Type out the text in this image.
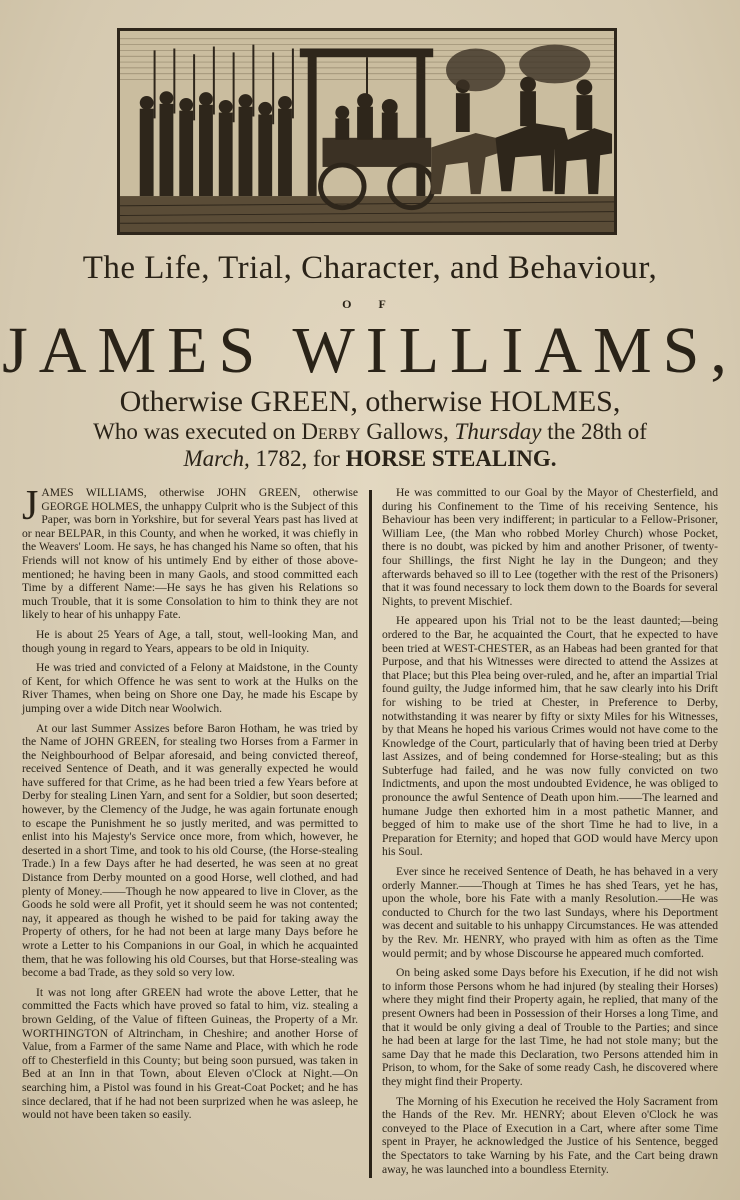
The Life, Trial, Character, and Behaviour,
O F
JAMES WILLIAMS,
Otherwise GREEN, otherwise HOLMES,
Who was executed on Derby Gallows, Thursday the 28th of
March, 1782, for HORSE STEALING.

JAMES WILLIAMS, otherwise JOHN GREEN, otherwise GEORGE HOLMES, the unhappy Culprit who is the Subject of this Paper, was born in Yorkshire, but for several Years past has lived at or near BELPAR, in this County, and when he worked, it was chiefly in the Weavers' Loom. He says, he has changed his Name so often, that his Friends will not know of his untimely End by either of those above-mentioned; he having been in many Gaols, and stood committed each Time by a different Name:—He says he has given his Relations so much Trouble, that it is some Consolation to him to think they are not likely to hear of his unhappy Fate.

He is about 25 Years of Age, a tall, stout, well-looking Man, and though young in regard to Years, appears to be old in Iniquity.

He was tried and convicted of a Felony at Maidstone, in the County of Kent, for which Offence he was sent to work at the Hulks on the River Thames, when being on Shore one Day, he made his Escape by jumping over a wide Ditch near Woolwich.

At our last Summer Assizes before Baron Hotham, he was tried by the Name of JOHN GREEN, for stealing two Horses from a Farmer in the Neighbourhood of Belpar aforesaid, and being convicted thereof, received Sentence of Death, and it was generally expected he would have suffered for that Crime, as he had been tried a few Years before at Derby for stealing Linen Yarn, and sent for a Soldier, but soon deserted; however, by the Clemency of the Judge, he was again fortunate enough to escape the Punishment he so justly merited, and was permitted to enlist into his Majesty's Service once more, from which, however, he deserted in a short Time, and took to his old Course, (the Horse-stealing Trade.) In a few Days after he had deserted, he was seen at no great Distance from Derby mounted on a good Horse, well clothed, and had plenty of Money.——Though he now appeared to live in Clover, as the Goods he sold were all Profit, yet it should seem he was not contented; nay, it appeared as though he wished to be paid for taking away the Property of others, for he had not been at large many Days before he wrote a Letter to his Companions in our Goal, in which he acquainted them, that he was following his old Courses, but that Horse-stealing was become a bad Trade, as they sold so very low.

It was not long after GREEN had wrote the above Letter, that he committed the Facts which have proved so fatal to him, viz. stealing a brown Gelding, of the Value of fifteen Guineas, the Property of a Mr. WORTHINGTON of Altrincham, in Cheshire; and another Horse of Value, from a Farmer of the same Name and Place, with which he rode off to Chesterfield in this County; but being soon pursued, was taken in Bed at an Inn in that Town, about Eleven o'Clock at Night.—On searching him, a Pistol was found in his Great-Coat Pocket; and he has since declared, that if he had not been surprized when he was asleep, he would not have been taken so easily.

He was committed to our Goal by the Mayor of Chesterfield, and during his Confinement to the Time of his receiving Sentence, his Behaviour has been very indifferent; in particular to a Fellow-Prisoner, William Lee, (the Man who robbed Morley Church) whose Pocket, there is no doubt, was picked by him and another Prisoner, of twenty-four Shillings, the first Night he lay in the Dungeon; and they afterwards behaved so ill to Lee (together with the rest of the Prisoners) that it was found necessary to lock them down to the Boards for several Nights, to prevent Mischief.

He appeared upon his Trial not to be the least daunted;—being ordered to the Bar, he acquainted the Court, that he expected to have been tried at WEST-CHESTER, as an Habeas had been granted for that Purpose, and that his Witnesses were directed to attend the Assizes at that Place; but this Plea being over-ruled, and he, after an impartial Trial found guilty, the Judge informed him, that he saw clearly into his Drift for wishing to be tried at Chester, in Preference to Derby, notwithstanding it was nearer by fifty or sixty Miles for his Witnesses, by that Means he hoped his various Crimes would not have come to the Knowledge of the Court, particularly that of having been tried at Derby last Assizes, and of being condemned for Horse-stealing; but as this Subterfuge had failed, and he was now fully convicted on two Indictments, and upon the most undoubted Evidence, he was obliged to pronounce the awful Sentence of Death upon him.——The learned and humane Judge then exhorted him in a most pathetic Manner, and begged of him to make use of the short Time he had to live, in a Preparation for Eternity; and hoped that GOD would have Mercy upon his Soul.

Ever since he received Sentence of Death, he has behaved in a very orderly Manner.——Though at Times he has shed Tears, yet he has, upon the whole, bore his Fate with a manly Resolution.——He was conducted to Church for the two last Sundays, where his Deportment was decent and suitable to his unhappy Circumstances. He was attended by the Rev. Mr. HENRY, who prayed with him as often as the Time would permit; and by whose Discourse he appeared much comforted.

On being asked some Days before his Execution, if he did not wish to inform those Persons whom he had injured (by stealing their Horses) where they might find their Property again, he replied, that many of the present Owners had been in Possession of their Horses a long Time, and that it would be only giving a deal of Trouble to the Parties; and since he had been at large for the last Time, he had not stole many; but the same Day that he made this Declaration, two Persons attended him in Prison, to whom, for the Sake of some ready Cash, he discovered where they might find their Property.

The Morning of his Execution he received the Holy Sacrament from the Hands of the Rev. Mr. HENRY; about Eleven o'Clock he was conveyed to the Place of Execution in a Cart, where after some Time spent in Prayer, he acknowledged the Justice of his Sentence, begged the Spectators to take Warning by his Fate, and the Cart being drawn away, he was launched into a boundless Eternity.
